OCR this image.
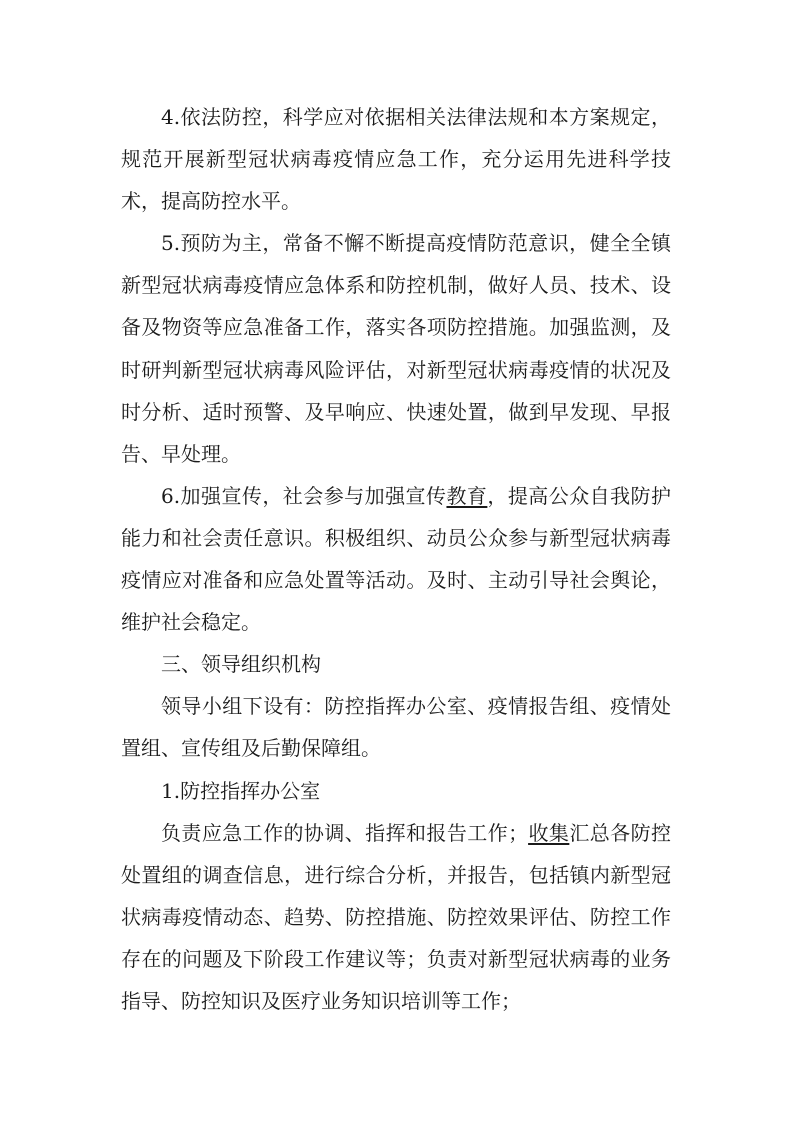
4.依法防控，科学应对依据相关法律法规和本方案规定，规范开展新型冠状病毒疫情应急工作，充分运用先进科学技术，提高防控水平。

5.预防为主，常备不懈不断提高疫情防范意识，健全全镇新型冠状病毒疫情应急体系和防控机制，做好人员、技术、设备及物资等应急准备工作，落实各项防控措施。加强监测，及时研判新型冠状病毒风险评估，对新型冠状病毒疫情的状况及时分析、适时预警、及早响应、快速处置，做到早发现、早报告、早处理。

6.加强宣传，社会参与加强宣传教育，提高公众自我防护能力和社会责任意识。积极组织、动员公众参与新型冠状病毒疫情应对准备和应急处置等活动。及时、主动引导社会舆论，维护社会稳定。

三、领导组织机构

领导小组下设有：防控指挥办公室、疫情报告组、疫情处置组、宣传组及后勤保障组。

1.防控指挥办公室

负责应急工作的协调、指挥和报告工作；收集汇总各防控处置组的调查信息，进行综合分析，并报告，包括镇内新型冠状病毒疫情动态、趋势、防控措施、防控效果评估、防控工作存在的问题及下阶段工作建议等；负责对新型冠状病毒的业务指导、防控知识及医疗业务知识培训等工作；
